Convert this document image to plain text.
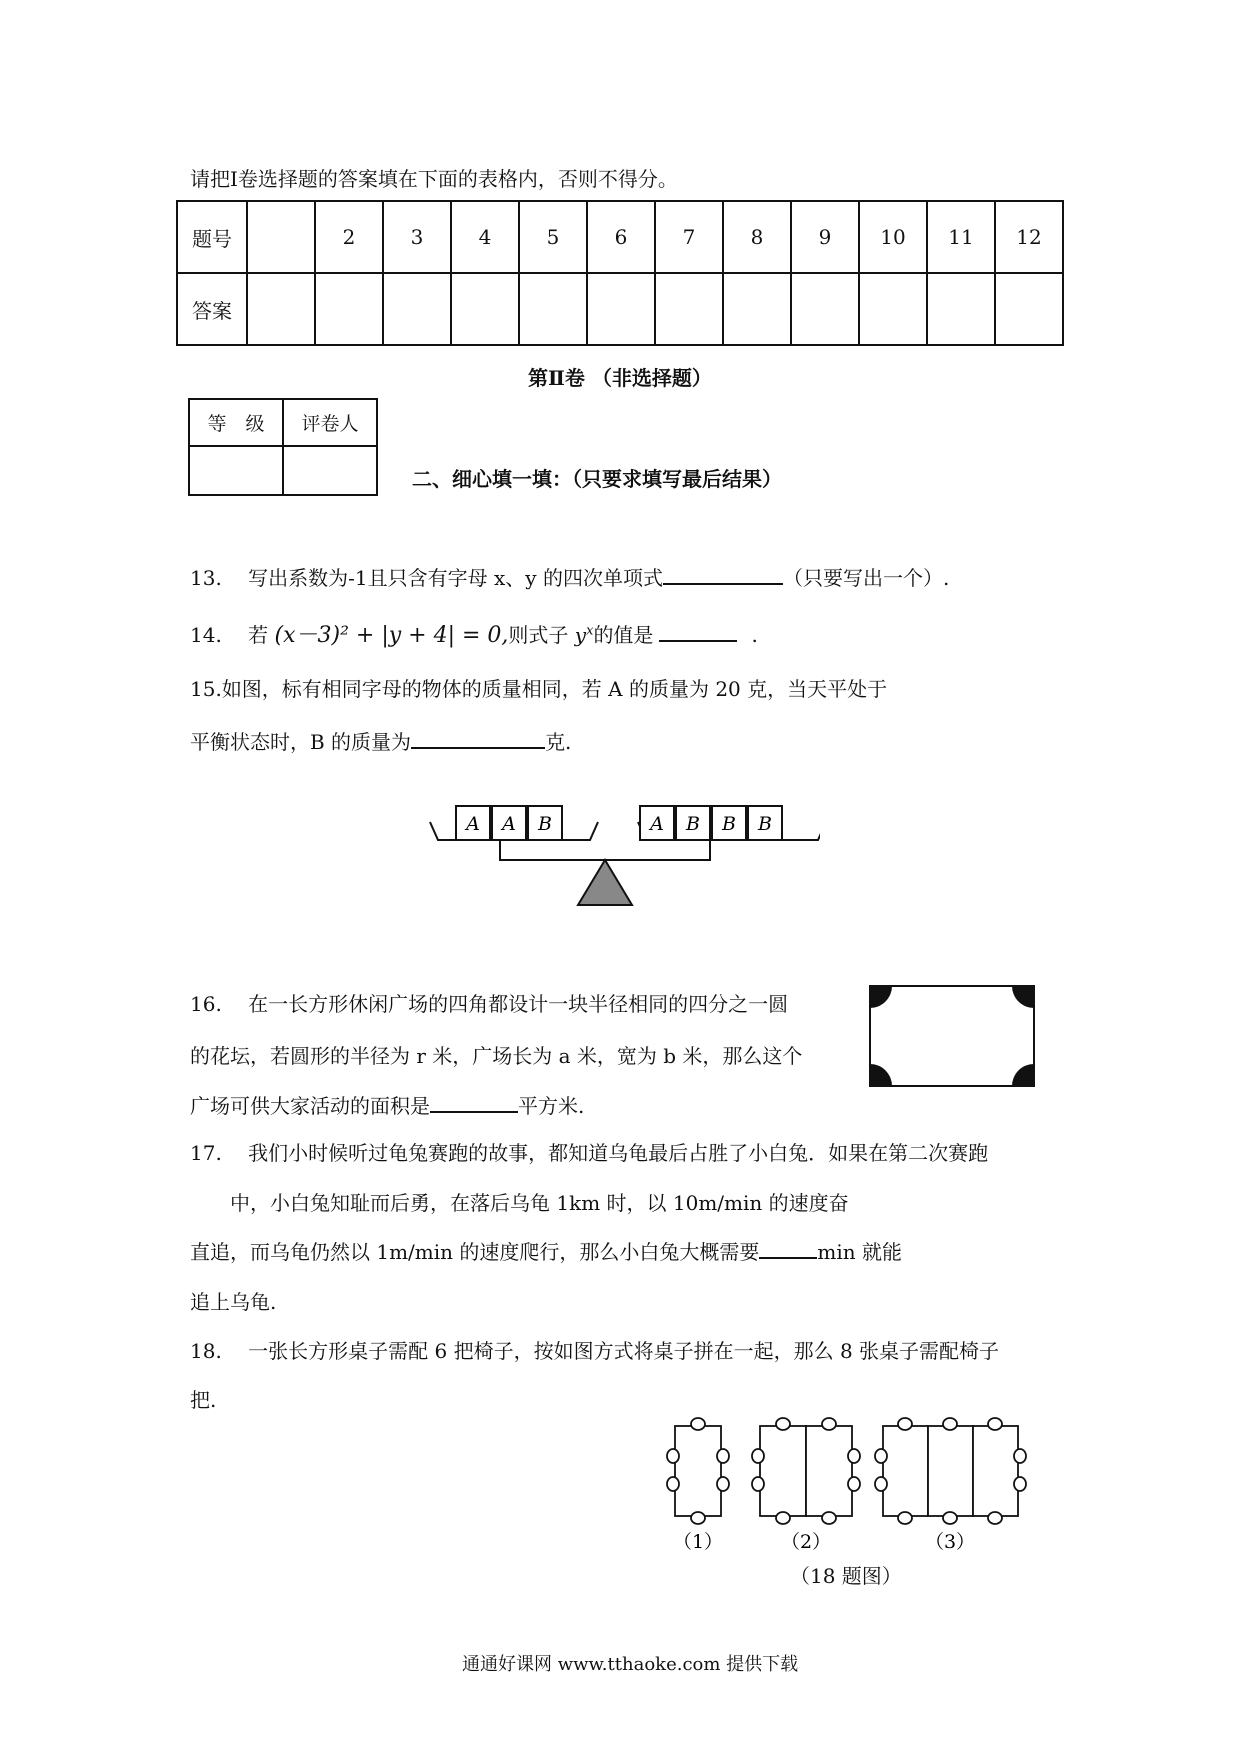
请把Ⅰ卷选择题的答案填在下面的表格内，否则不得分。
题号		2	3	4	5	6	7	8	9	10	11	12
答案												
第Ⅱ卷 （非选择题）
等　级	评卷人

二、细心填一填：（只要求填写最后结果）
13. 写出系数为-1且只含有字母 x、y 的四次单项式	（只要写出一个）.
14. 若 (x－3)² + |y + 4| = 0,则式子 $y^x$的值是	.
15.如图，标有相同字母的物体的质量相同，若 A 的质量为 20 克，当天平处于
平衡状态时，B 的质量为	克.
A A B	A B B B
16. 在一长方形休闲广场的四角都设计一块半径相同的四分之一圆
的花坛，若圆形的半径为 r 米，广场长为 a 米，宽为 b 米，那么这个
广场可供大家活动的面积是	平方米.
17. 我们小时候听过龟兔赛跑的故事，都知道乌龟最后占胜了小白兔．如果在第二次赛跑
中，小白兔知耻而后勇，在落后乌龟 1km 时，以 10m/min 的速度奋
直追，而乌龟仍然以 1m/min 的速度爬行，那么小白兔大概需要	min 就能
追上乌龟.
18. 一张长方形桌子需配 6 把椅子，按如图方式将桌子拼在一起，那么 8 张桌子需配椅子
把.
（1）	（2）	（3）
（18 题图）
通通好课网 www.tthaoke.com 提供下载
